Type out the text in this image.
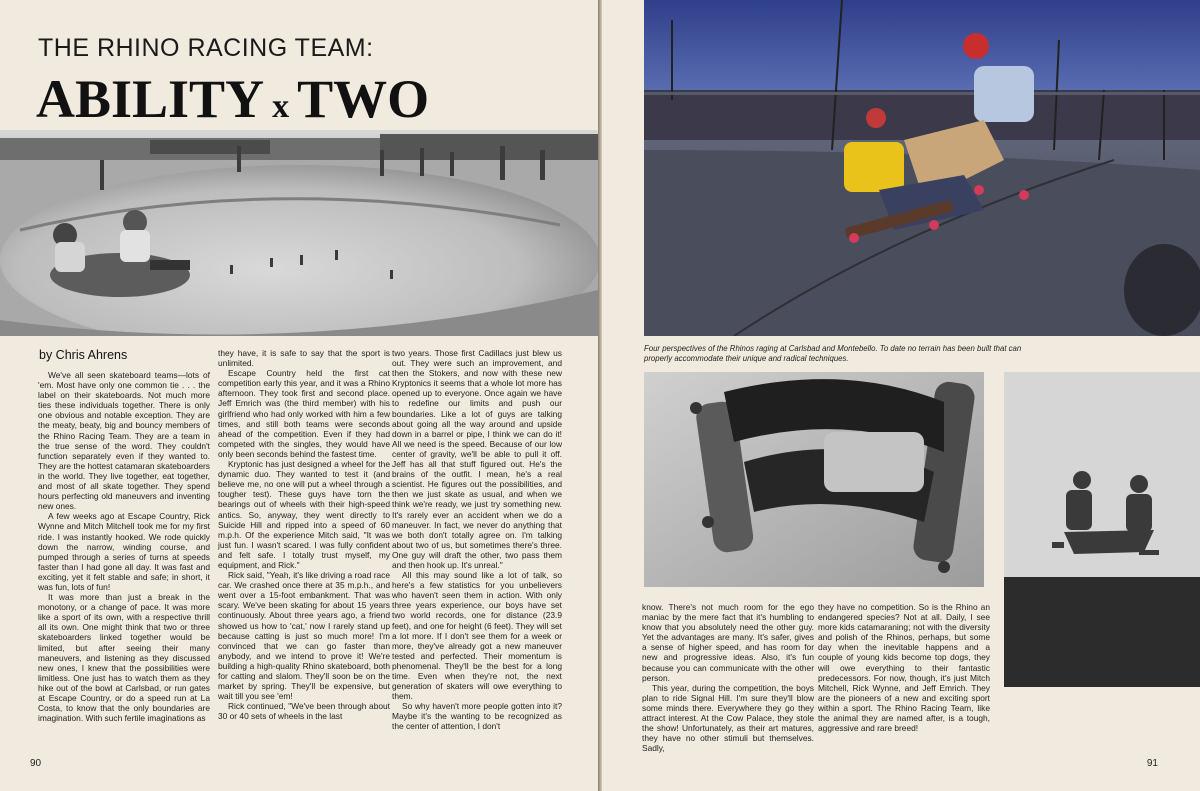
THE RHINO RACING TEAM:
ABILITY x TWO
by Chris Ahrens

We've all seen skateboard teams—lots of 'em. Most have only one common tie . . . the label on their skateboards. Not much more ties these individuals together. There is only one obvious and notable exception. They are the meaty, beaty, big and bouncy members of the Rhino Racing Team. They are a team in the true sense of the word. They couldn't function separately even if they wanted to. They are the hottest catamaran skateboarders in the world. They live together, eat together, and most of all skate together. They spend hours perfecting old maneuvers and inventing new ones.

A few weeks ago at Escape Country, Rick Wynne and Mitch Mitchell took me for my first ride. I was instantly hooked. We rode quickly down the narrow, winding course, and pumped through a series of turns at speeds faster than I had gone all day. It was fast and exciting, yet it felt stable and safe; in short, it was fun, lots of fun!

It was more than just a break in the monotony, or a change of pace. It was more like a sport of its own, with a respective thrill all its own. One might think that two or three skateboarders linked together would be limited, but after seeing their many maneuvers, and listening as they discussed new ones, I knew that the possibilities were limitless. One just has to watch them as they hike out of the bowl at Carlsbad, or run gates at Escape Country, or do a speed run at La Costa, to know that the only boundaries are imagination. With such fertile imaginations as

they have, it is safe to say that the sport is unlimited.

Escape Country held the first cat competition early this year, and it was a Rhino afternoon. They took first and second place. Jeff Emrich was (the third member) with his girlfriend who had only worked with him a few times, and still both teams were seconds ahead of the competition. Even if they had competed with the singles, they would have only been seconds behind the fastest time.

Kryptonic has just designed a wheel for the dynamic duo. They wanted to test it (and believe me, no one will put a wheel through a tougher test). These guys have torn the bearings out of wheels with their high-speed antics. So, anyway, they went directly to Suicide Hill and ripped into a speed of 60 m.p.h. Of the experience Mitch said, "It was just fun. I wasn't scared. I was fully confident and felt safe. I totally trust myself, my equipment, and Rick."

Rick said, "Yeah, it's like driving a road race car. We crashed once there at 35 m.p.h., and went over a 15-foot embankment. That was scary. We've been skating for about 15 years continuously. About three years ago, a friend showed us how to 'cat,' now I rarely stand up because catting is just so much more! I'm convinced that we can go faster than anybody, and we intend to prove it! We're building a high-quality Rhino skateboard, both for catting and slalom. They'll soon be on the market by spring. They'll be expensive, but wait till you see 'em!

Rick continued, "We've been through about 30 or 40 sets of wheels in the last

two years. Those first Cadillacs just blew us out. They were such an improvement, and then the Stokers, and now with these new Kryptonics it seems that a whole lot more has opened up to everyone. Once again we have to redefine our limits and push our boundaries. Like a lot of guys are talking about going all the way around and upside down in a barrel or pipe, I think we can do it! All we need is the speed. Because of our low center of gravity, we'll be able to pull it off. Jeff has all that stuff figured out. He's the brains of the outfit. I mean, he's a real scientist. He figures out the possibilities, and then we just skate as usual, and when we think we're ready, we just try something new. It's rarely ever an accident when we do a maneuver. In fact, we never do anything that we both don't totally agree on. I'm talking about two of us, but sometimes there's three. One guy will draft the other, two pass them and then hook up. It's unreal."

All this may sound like a lot of talk, so here's a few statistics for you unbelievers who haven't seen them in action. With only three years experience, our boys have set two world records, one for distance (23.9 feet), and one for height (6 feet). They will set a lot more. If I don't see them for a week or more, they've already got a new maneuver tested and perfected. Their momentum is phenomenal. They'll be the best for a long time. Even when they're not, the next generation of skaters will owe everything to them.

So why haven't more people gotten into it? Maybe it's the wanting to be recognized as the center of attention, I don't

90
Four perspectives of the Rhinos raging at Carlsbad and Montebello. To date no terrain has been built that can properly accommodate their unique and radical techniques.

know. There's not much room for the ego maniac by the mere fact that it's humbling to know that you absolutely need the other guy. Yet the advantages are many. It's safer, gives a sense of higher speed, and has room for new and progressive ideas. Also, it's fun because you can communicate with the other person.

This year, during the competition, the boys plan to ride Signal Hill. I'm sure they'll blow some minds there. Everywhere they go they attract interest. At the Cow Palace, they stole the show! Unfortunately, as their art matures, they have no other stimuli but themselves. Sadly,

they have no competition. So is the Rhino an endangered species? Not at all. Daily, I see more kids catamaraning; not with the diversity and polish of the Rhinos, perhaps, but some day when the inevitable happens and a couple of young kids become top dogs, they will owe everything to their fantastic predecessors. For now, though, it's just Mitch Mitchell, Rick Wynne, and Jeff Emrich. They are the pioneers of a new and exciting sport within a sport. The Rhino Racing Team, like the animal they are named after, is a tough, aggressive and rare breed!

91
